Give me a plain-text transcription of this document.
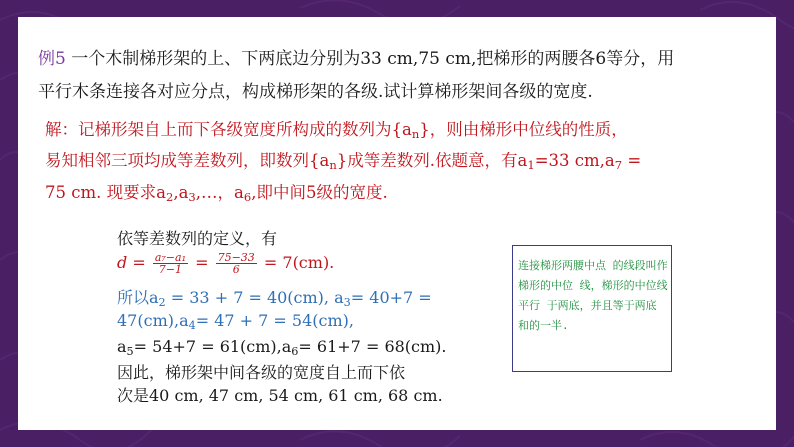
例5 一个木制梯形架的上、下两底边分别为33 cm,75 cm,把梯形的两腰各6等分，用
平行木条连接各对应分点，构成梯形架的各级.试计算梯形架间各级的宽度.
解：记梯形架自上而下各级宽度所构成的数列为$\{a_n\}$，则由梯形中位线的性质，
易知相邻三项均成等差数列，即数列$\{a_n\}$成等差数列.依题意，有$a_1=33$ $cm,a_7$ =
75 cm. 现要求$a_2,a_3,\dots$，$a_6$,即中间5级的宽度.
依等差数列的定义，有
$d = \frac{\text{a₇−a₁}}{7-1} = \frac{75-33}{6} = 7(cm)$.
所以$a_2 = 33 + 7 = 40(cm)$, $a_3= 40+7$ =
$47(cm),a_4= 47 + 7 = 54(cm)$,
$a_5= 54+7 = 61(cm),a_6= 61+7 = 68(cm)$.
因此，梯形架中间各级的宽度自上而下依
次是40 cm, 47 cm, 54 cm, 61 cm, 68 cm.
连接梯形两腰中点 的线段叫作梯形的中位 线，梯形的中位线平行 于两底，并且等于两底 和的一半.
